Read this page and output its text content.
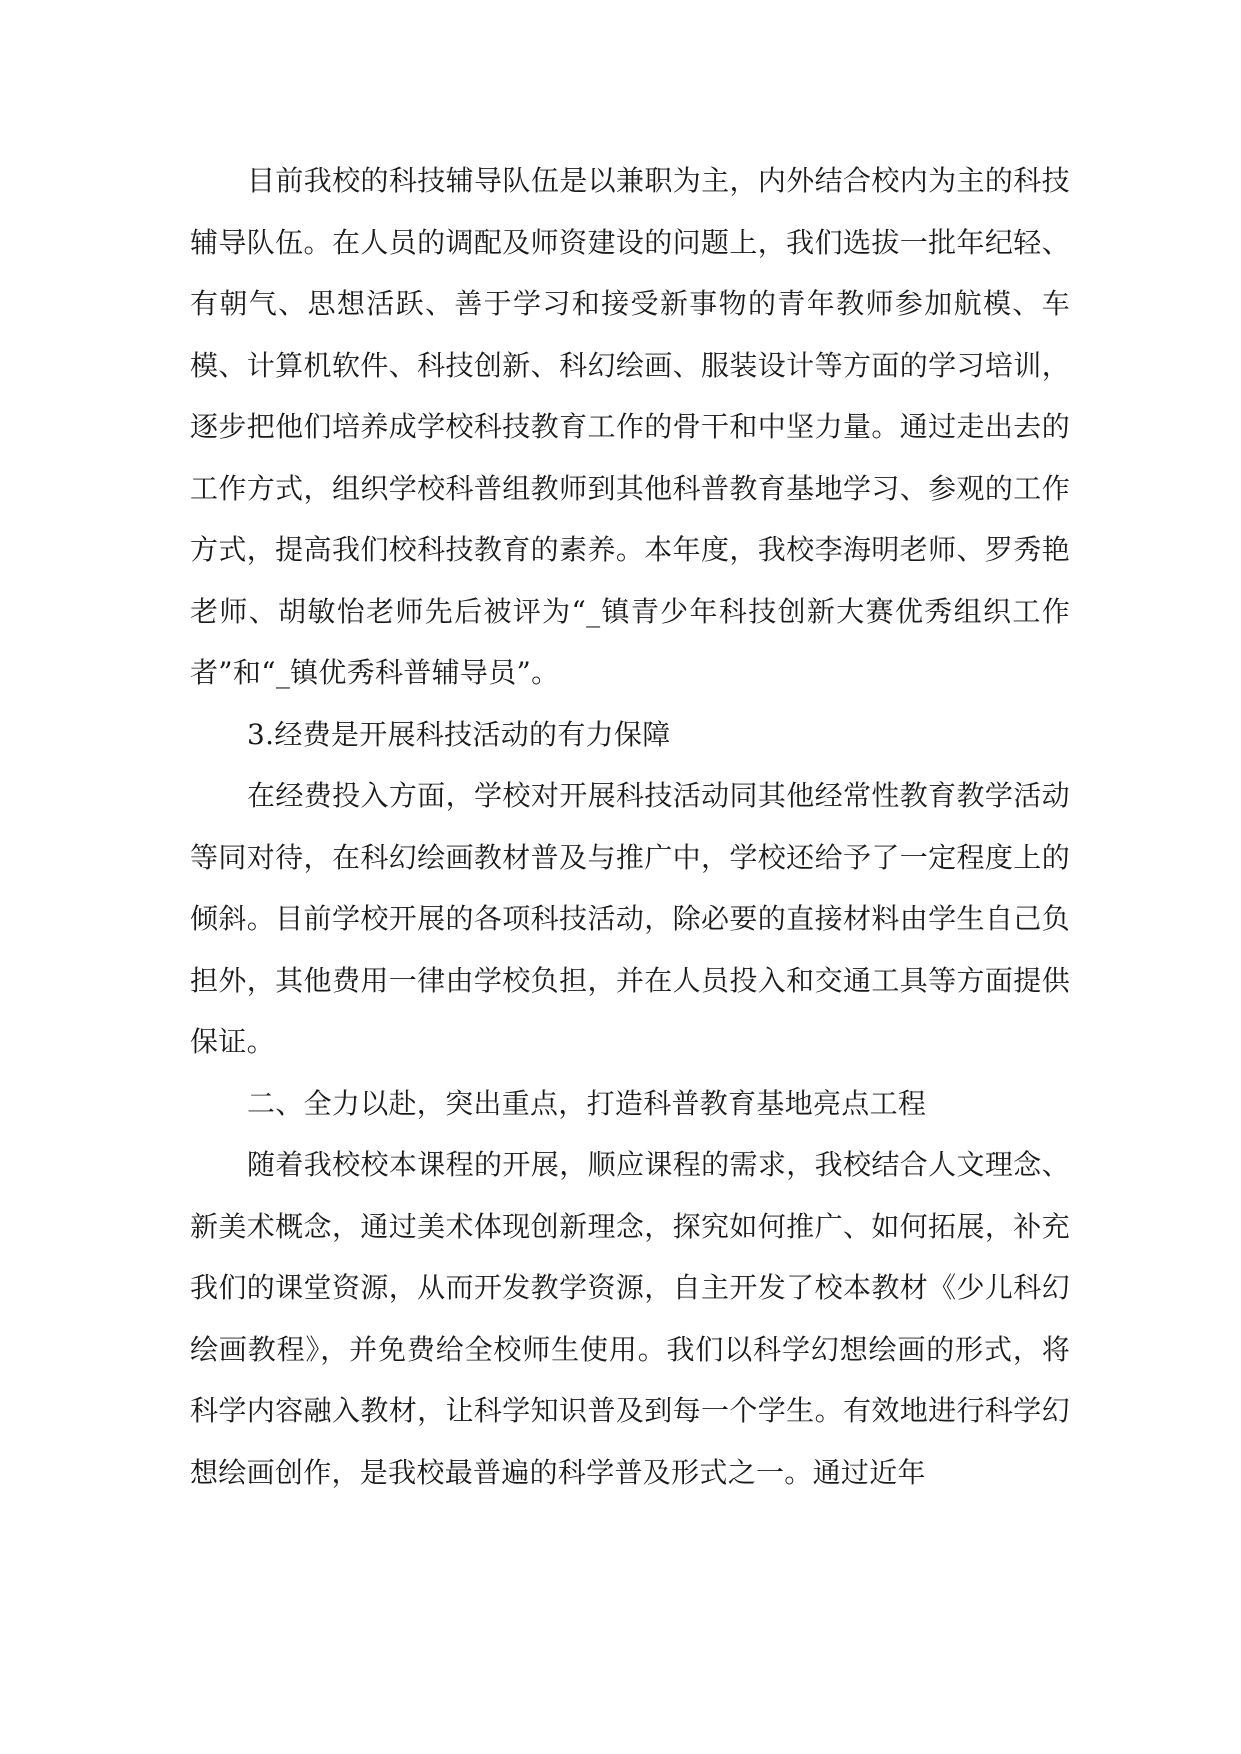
目前我校的科技辅导队伍是以兼职为主，内外结合校内为主的科技辅导队伍。在人员的调配及师资建设的问题上，我们选拔一批年纪轻、有朝气、思想活跃、善于学习和接受新事物的青年教师参加航模、车模、计算机软件、科技创新、科幻绘画、服装设计等方面的学习培训，逐步把他们培养成学校科技教育工作的骨干和中坚力量。通过走出去的工作方式，组织学校科普组教师到其他科普教育基地学习、参观的工作方式，提高我们校科技教育的素养。本年度，我校李海明老师、罗秀艳老师、胡敏怡老师先后被评为“_镇青少年科技创新大赛优秀组织工作者”和“_镇优秀科普辅导员”。

3.经费是开展科技活动的有力保障

在经费投入方面，学校对开展科技活动同其他经常性教育教学活动等同对待，在科幻绘画教材普及与推广中，学校还给予了一定程度上的倾斜。目前学校开展的各项科技活动，除必要的直接材料由学生自己负担外，其他费用一律由学校负担，并在人员投入和交通工具等方面提供保证。

二、全力以赴，突出重点，打造科普教育基地亮点工程

随着我校校本课程的开展，顺应课程的需求，我校结合人文理念、新美术概念，通过美术体现创新理念，探究如何推广、如何拓展，补充我们的课堂资源，从而开发教学资源，自主开发了校本教材《少儿科幻绘画教程》，并免费给全校师生使用。我们以科学幻想绘画的形式，将科学内容融入教材，让科学知识普及到每一个学生。有效地进行科学幻想绘画创作，是我校最普遍的科学普及形式之一。通过近年
